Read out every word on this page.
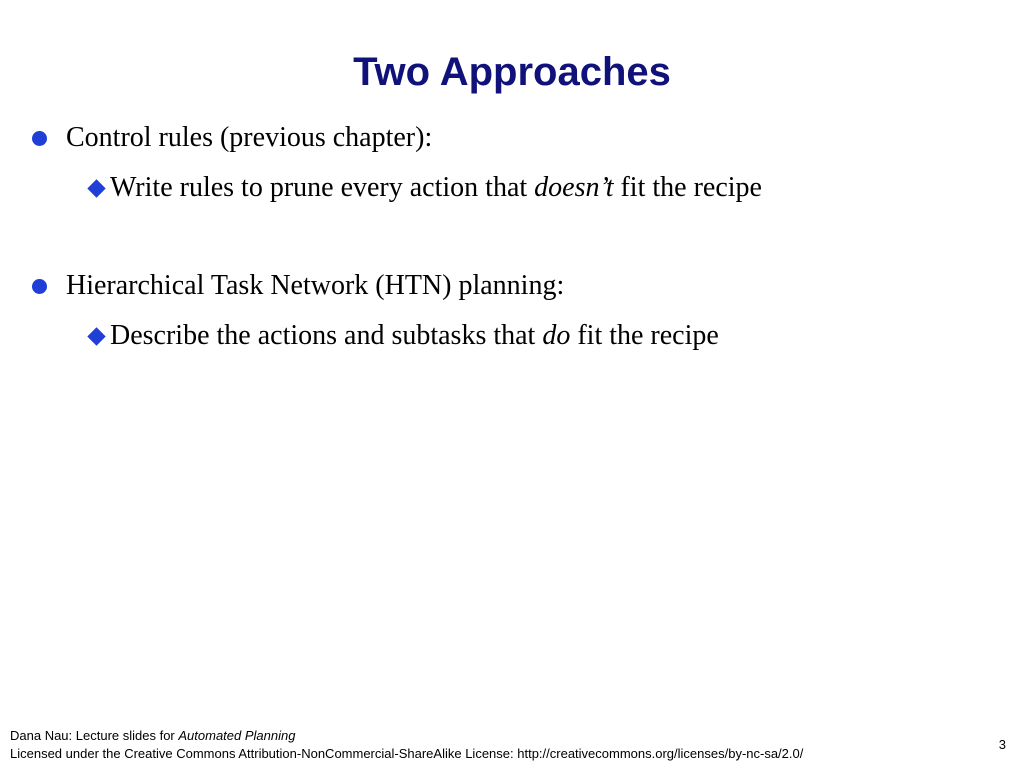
Two Approaches
Control rules (previous chapter):
Write rules to prune every action that doesn’t fit the recipe
Hierarchical Task Network (HTN) planning:
Describe the actions and subtasks that do fit the recipe
Dana Nau: Lecture slides for Automated Planning
Licensed under the Creative Commons Attribution-NonCommercial-ShareAlike License: http://creativecommons.org/licenses/by-nc-sa/2.0/
3
